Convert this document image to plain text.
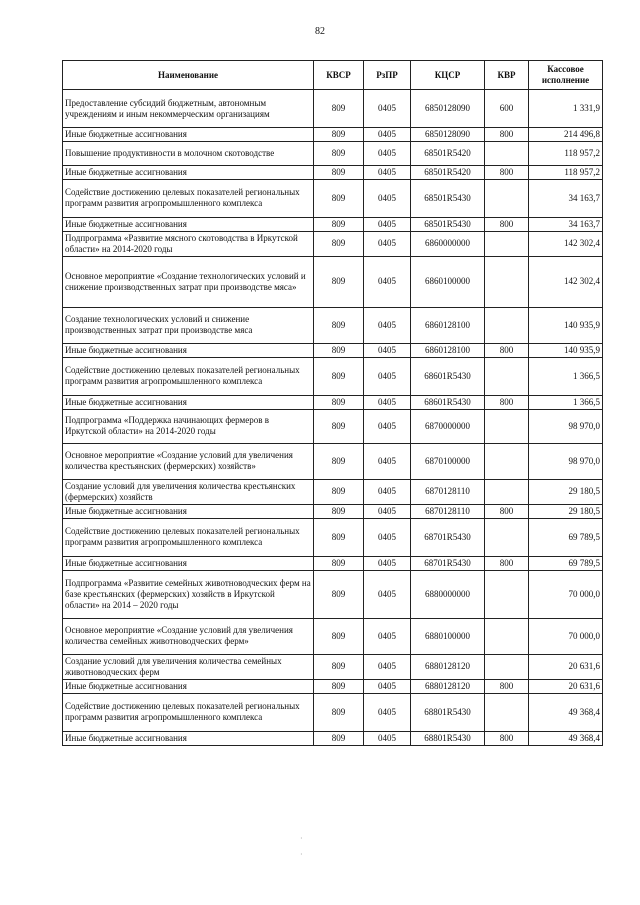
82
Наименование	КВСР	РзПР	КЦСР	КВР	Кассовое исполнение
Предоставление субсидий бюджетным, автономным учреждениям и иным некоммерческим организациям	809	0405	6850128090	600	1 331,9
Иные бюджетные ассигнования	809	0405	6850128090	800	214 496,8
Повышение продуктивности в молочном скотоводстве	809	0405	68501R5420		118 957,2
Иные бюджетные ассигнования	809	0405	68501R5420	800	118 957,2
Содействие достижению целевых показателей региональных программ развития агропромышленного комплекса	809	0405	68501R5430		34 163,7
Иные бюджетные ассигнования	809	0405	68501R5430	800	34 163,7
Подпрограмма «Развитие мясного скотоводства в Иркутской области» на 2014-2020 годы	809	0405	6860000000		142 302,4
Основное мероприятие «Создание технологических условий и снижение производственных затрат при производстве мяса»	809	0405	6860100000		142 302,4
Создание технологических условий и снижение производственных затрат при производстве мяса	809	0405	6860128100		140 935,9
Иные бюджетные ассигнования	809	0405	6860128100	800	140 935,9
Содействие достижению целевых показателей региональных программ развития агропромышленного комплекса	809	0405	68601R5430		1 366,5
Иные бюджетные ассигнования	809	0405	68601R5430	800	1 366,5
Подпрограмма «Поддержка начинающих фермеров в Иркутской области» на 2014-2020 годы	809	0405	6870000000		98 970,0
Основное мероприятие «Создание условий для увеличения количества крестьянских (фермерских) хозяйств»	809	0405	6870100000		98 970,0
Создание условий для увеличения количества крестьянских (фермерских) хозяйств	809	0405	6870128110		29 180,5
Иные бюджетные ассигнования	809	0405	6870128110	800	29 180,5
Содействие достижению целевых показателей региональных программ развития агропромышленного комплекса	809	0405	68701R5430		69 789,5
Иные бюджетные ассигнования	809	0405	68701R5430	800	69 789,5
Подпрограмма «Развитие семейных животноводческих ферм на базе крестьянских (фермерских) хозяйств в Иркутской области» на 2014 – 2020 годы	809	0405	6880000000		70 000,0
Основное мероприятие «Создание условий для увеличения количества семейных животноводческих ферм»	809	0405	6880100000		70 000,0
Создание условий для увеличения количества семейных животноводческих ферм	809	0405	6880128120		20 631,6
Иные бюджетные ассигнования	809	0405	6880128120	800	20 631,6
Содействие достижению целевых показателей региональных программ развития агропромышленного комплекса	809	0405	68801R5430		49 368,4
Иные бюджетные ассигнования	809	0405	68801R5430	800	49 368,4
·
·
